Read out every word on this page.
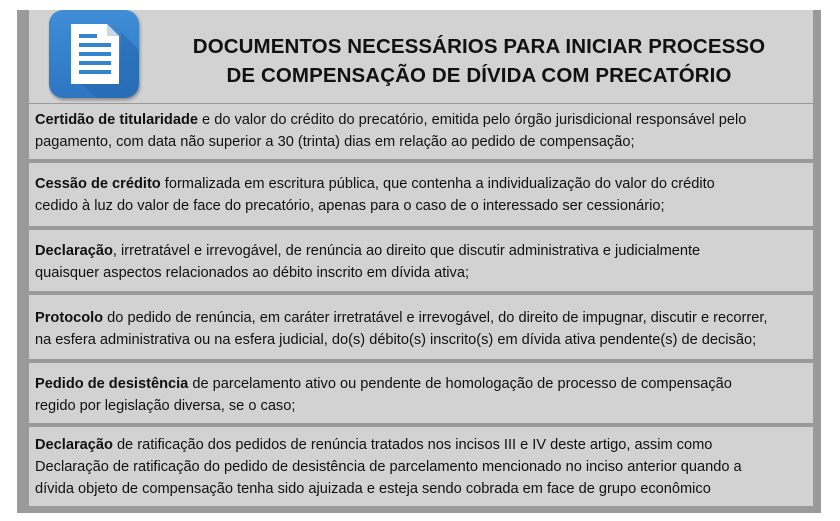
DOCUMENTOS NECESSÁRIOS PARA INICIAR PROCESSO
DE COMPENSAÇÃO DE DÍVIDA COM PRECATÓRIO

Certidão de titularidade e do valor do crédito do precatório, emitida pelo órgão jurisdicional responsável pelo

pagamento, com data não superior a 30 (trinta) dias em relação ao pedido de compensação;

Cessão de crédito formalizada em escritura pública, que contenha a individualização do valor do crédito

cedido à luz do valor de face do precatório, apenas para o caso de o interessado ser cessionário;

Declaração, irretratável e irrevogável, de renúncia ao direito que discutir administrativa e judicialmente

quaisquer aspectos relacionados ao débito inscrito em dívida ativa;

Protocolo do pedido de renúncia, em caráter irretratável e irrevogável, do direito de impugnar, discutir e recorrer,

na esfera administrativa ou na esfera judicial, do(s) débito(s) inscrito(s) em dívida ativa pendente(s) de decisão;

Pedido de desistência de parcelamento ativo ou pendente de homologação de processo de compensação

regido por legislação diversa, se o caso;

Declaração de ratificação dos pedidos de renúncia tratados nos incisos III e IV deste artigo, assim como

Declaração de ratificação do pedido de desistência de parcelamento mencionado no inciso anterior quando a

dívida objeto de compensação tenha sido ajuizada e esteja sendo cobrada em face de grupo econômico
